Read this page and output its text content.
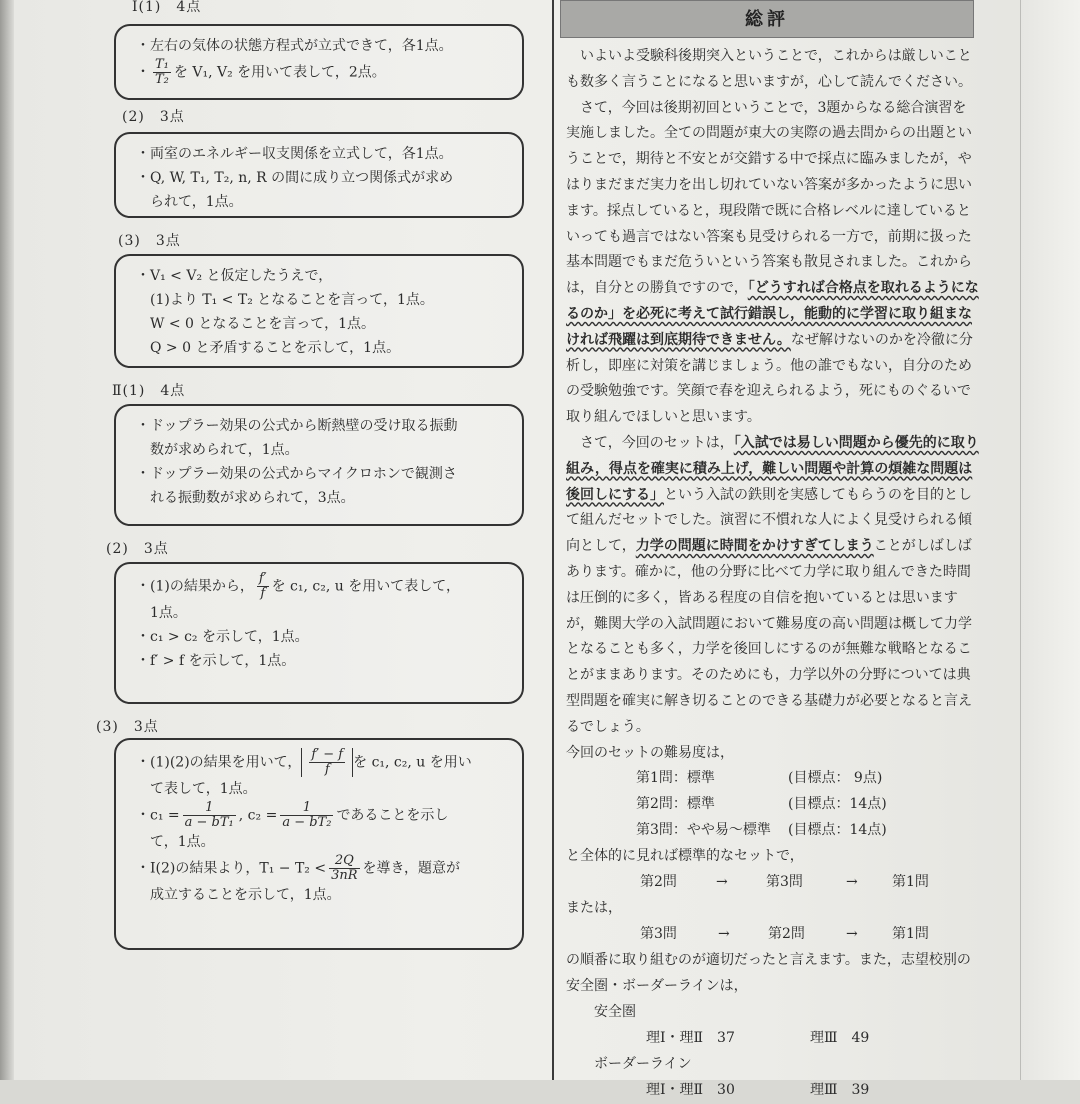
Ⅰ(1)　4点

・左右の気体の状態方程式が立式できて，各1点。

・ $\frac{\text{T₁}}{\text{T₂}}$ を V₁, V₂ を用いて表して，2点。

(2)　3点

・両室のエネルギー収支関係を立式して，各1点。

・Q, W, T₁, T₂, n, R の間に成り立つ関係式が求め

　られて，1点。

(3)　3点

・V₁ < V₂ と仮定したうえで，

　(1)より T₁ < T₂ となることを言って，1点。

　W < 0 となることを言って，1点。

　Q > 0 と矛盾することを示して，1点。

Ⅱ(1)　4点

・ドップラー効果の公式から断熱壁の受け取る振動

　数が求められて，1点。

・ドップラー効果の公式からマイクロホンで観測さ

　れる振動数が求められて，3点。

(2)　3点

・(1)の結果から， $\frac{f'}{f}$ を c₁, c₂, u を用いて表して，

　1点。

・c₁ > c₂ を示して，1点。

・f′ > f を示して，1点。

(3)　3点

・(1)(2)の結果を用いて， $\frac{f' - f}{f}$ を c₁, c₂, u を用い

　て表して，1点。

・$c_1 = \frac{1}{\text{a − bT₁}}$ , $c_2 = \frac{1}{\text{a − bT₂}}$ であることを示し

　て，1点。

・Ⅰ(2)の結果より，$T_1 - T_2 < \frac{2Q}{3nR}$ を導き，題意が

　成立することを示して，1点。

総評

いよいよ受験科後期突入ということで，これからは厳しいことも数多く言うことになると思いますが，心して読んでください。

さて，今回は後期初回ということで，3題からなる総合演習を実施しました。全ての問題が東大の実際の過去問からの出題ということで，期待と不安とが交錯する中で採点に臨みましたが，やはりまだまだ実力を出し切れていない答案が多かったように思います。採点していると，現段階で既に合格レベルに達しているといっても過言ではない答案も見受けられる一方で，前期に扱った基本問題でもまだ危ういという答案も散見されました。これからは，自分との勝負ですので，「どうすれば合格点を取れるようになるのか」を必死に考えて試行錯誤し，能動的に学習に取り組まなければ飛躍は到底期待できません。なぜ解けないのかを冷徹に分析し，即座に対策を講じましょう。他の誰でもない，自分のための受験勉強です。笑顔で春を迎えられるよう，死にものぐるいで取り組んでほしいと思います。

さて，今回のセットは，「入試では易しい問題から優先的に取り組み，得点を確実に積み上げ，難しい問題や計算の煩雑な問題は後回しにする」という入試の鉄則を実感してもらうのを目的として組んだセットでした。演習に不慣れな人によく見受けられる傾向として，力学の問題に時間をかけすぎてしまうことがしばしばあります。確かに，他の分野に比べて力学に取り組んできた時間は圧倒的に多く，皆ある程度の自信を抱いているとは思いますが，難関大学の入試問題において難易度の高い問題は概して力学となることも多く，力学を後回しにするのが無難な戦略となることがままあります。そのためにも，力学以外の分野については典型問題を確実に解き切ることのできる基礎力が必要となると言えるでしょう。

今回のセットの難易度は，

第1問：標準	(目標点： 9点)
第2問：標準	(目標点：14点)
第3問：やや易〜標準 (目標点：14点)

と全体的に見れば標準的なセットで，

第2問	→	第3問	→ 第1問

または，

第3問	→	第2問	→ 第1問

の順番に取り組むのが適切だったと言えます。また，志望校別の安全圏・ボーダーラインは，

安全圏
理Ⅰ・理Ⅱ　37	理Ⅲ　49
ボーダーライン
理Ⅰ・理Ⅱ　30	理Ⅲ　39
